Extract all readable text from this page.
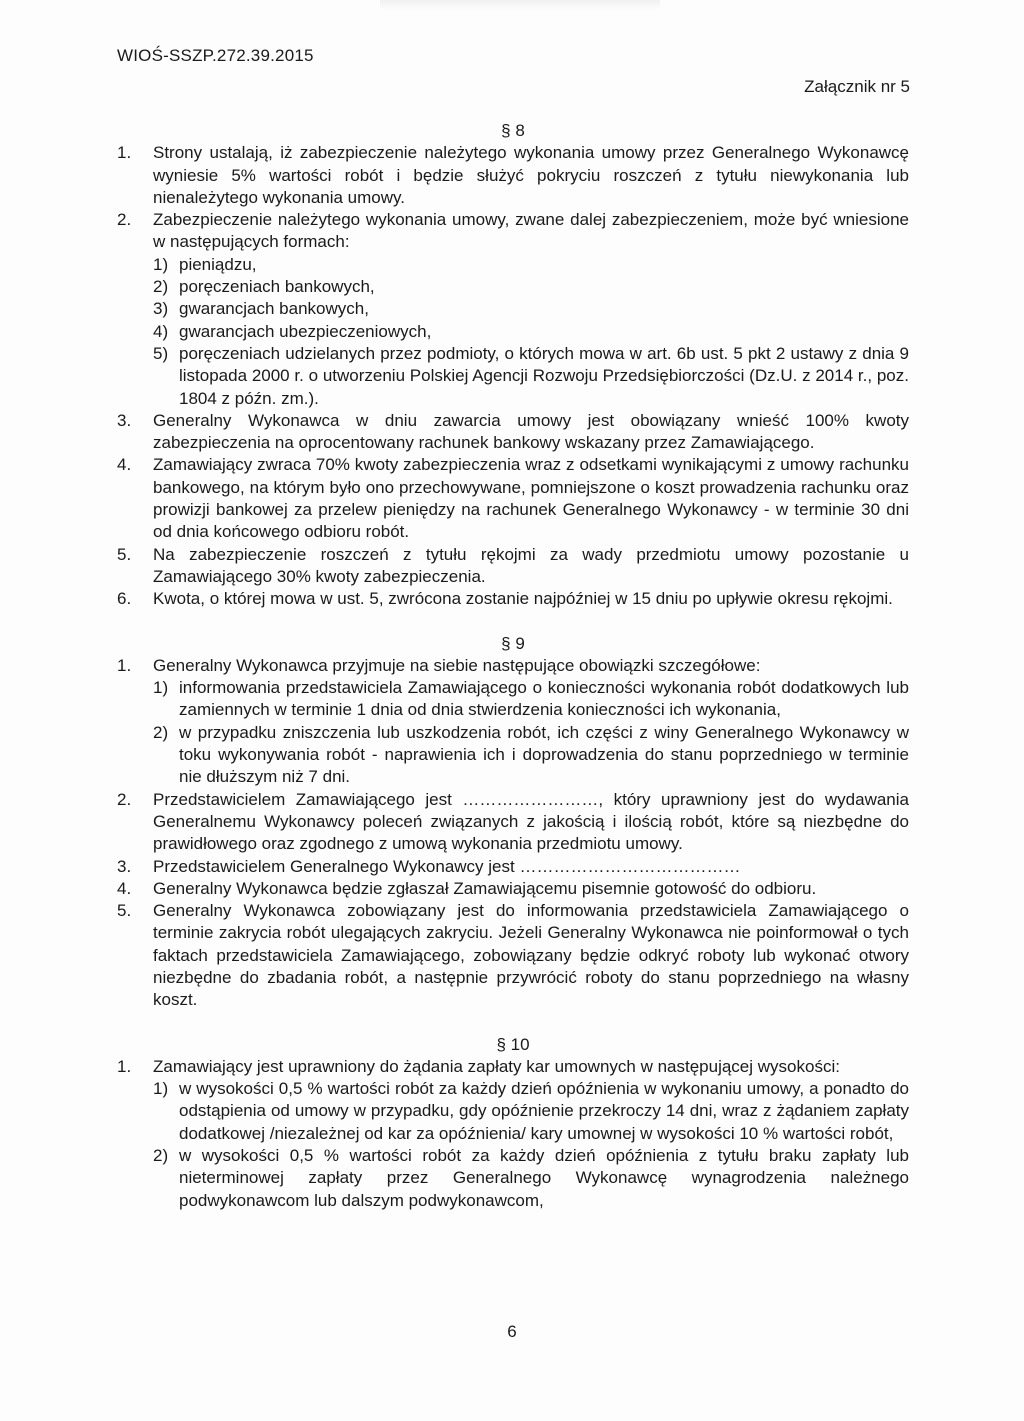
WIOŚ-SSZP.272.39.2015
Załącznik nr 5
§ 8
1. Strony ustalają, iż zabezpieczenie należytego wykonania umowy przez Generalnego Wykonawcę wyniesie 5% wartości robót i będzie służyć pokryciu roszczeń z tytułu niewykonania lub nienależytego wykonania umowy.
2. Zabezpieczenie należytego wykonania umowy, zwane dalej zabezpieczeniem, może być wniesione w następujących formach:
1) pieniądzu,
2) poręczeniach bankowych,
3) gwarancjach bankowych,
4) gwarancjach ubezpieczeniowych,
5) poręczeniach udzielanych przez podmioty, o których mowa w art. 6b ust. 5 pkt 2 ustawy z dnia 9 listopada 2000 r. o utworzeniu Polskiej Agencji Rozwoju Przedsiębiorczości (Dz.U. z 2014 r., poz. 1804 z późn. zm.).
3. Generalny Wykonawca w dniu zawarcia umowy jest obowiązany wnieść 100% kwoty zabezpieczenia na oprocentowany rachunek bankowy wskazany przez Zamawiającego.
4. Zamawiający zwraca 70% kwoty zabezpieczenia wraz z odsetkami wynikającymi z umowy rachunku bankowego, na którym było ono przechowywane, pomniejszone o koszt prowadzenia rachunku oraz prowizji bankowej za przelew pieniędzy na rachunek Generalnego Wykonawcy - w terminie 30 dni od dnia końcowego odbioru robót.
5. Na zabezpieczenie roszczeń z tytułu rękojmi za wady przedmiotu umowy pozostanie u Zamawiającego 30% kwoty zabezpieczenia.
6. Kwota, o której mowa w ust. 5, zwrócona zostanie najpóźniej w 15 dniu po upływie okresu rękojmi.
§ 9
1. Generalny Wykonawca przyjmuje na siebie następujące obowiązki szczegółowe:
1) informowania przedstawiciela Zamawiającego o konieczności wykonania robót dodatkowych lub zamiennych w terminie 1 dnia od dnia stwierdzenia konieczności ich wykonania,
2) w przypadku zniszczenia lub uszkodzenia robót, ich części z winy Generalnego Wykonawcy w toku wykonywania robót - naprawienia ich i doprowadzenia do stanu poprzedniego w terminie nie dłuższym niż 7 dni.
2. Przedstawicielem Zamawiającego jest ……………………, który uprawniony jest do wydawania Generalnemu Wykonawcy poleceń związanych z jakością i ilością robót, które są niezbędne do prawidłowego oraz zgodnego z umową wykonania przedmiotu umowy.
3. Przedstawicielem Generalnego Wykonawcy jest …………………………………
4. Generalny Wykonawca będzie zgłaszał Zamawiającemu pisemnie gotowość do odbioru.
5. Generalny Wykonawca zobowiązany jest do informowania przedstawiciela Zamawiającego o terminie zakrycia robót ulegających zakryciu. Jeżeli Generalny Wykonawca nie poinformował o tych faktach przedstawiciela Zamawiającego, zobowiązany będzie odkryć roboty lub wykonać otwory niezbędne do zbadania robót, a następnie przywrócić roboty do stanu poprzedniego na własny koszt.
§ 10
1. Zamawiający jest uprawniony do żądania zapłaty kar umownych w następującej wysokości:
1) w wysokości 0,5 % wartości robót za każdy dzień opóźnienia w wykonaniu umowy, a ponadto do odstąpienia od umowy w przypadku, gdy opóźnienie przekroczy 14 dni, wraz z żądaniem zapłaty dodatkowej /niezależnej od kar za opóźnienia/ kary umownej w wysokości 10 % wartości robót,
2) w wysokości 0,5 % wartości robót za każdy dzień opóźnienia z tytułu braku zapłaty lub nieterminowej zapłaty przez Generalnego Wykonawcę wynagrodzenia należnego podwykonawcom lub dalszym podwykonawcom,
6
